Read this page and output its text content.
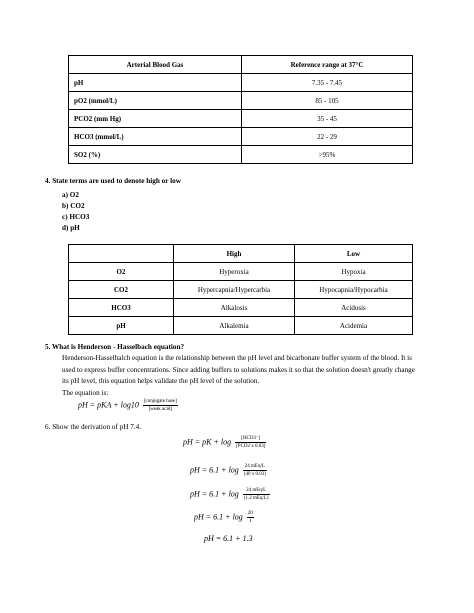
Arterial Blood Gas	Reference range at 37°C
pH	7.35 - 7.45
pO2 (mmol/L)	85 - 105
PCO2 (mm Hg)	35 - 45
HCO3 (mmol/L)	22 - 29
SO2 (%)	>95%
4. State terms are used to denote high or low
a) O2
b) CO2
c) HCO3
d) pH
	High	Low
O2	Hyperoxia	Hypoxia
CO2	Hypercapnia/Hypercarbia	Hypocapnia/Hypocarbia
HCO3	Alkalosis	Acidosis
pH	Alkalemia	Acidemia
5. What is Henderson - Hasselbach equation?
Henderson-Hasselbalch equation is the relationship between the pH level and bicarbonate buffer system of the blood. It is used to express buffer concentrations. Since adding buffers to solutions makes it so that the solution doesn't greatly change its pH level, this equation helps validate the pH level of the solution.
The equation is:
pH = pKA + $\log 10 \frac{\text{[conjugate base]}}{\text{[weak acid]}}$
6. Show the derivation of pH 7.4.
pH = pK + $\log \frac{\text{[HCO3⁻]}}{\text{[PCO2 x 0.03]}}$
pH = $6.1 + \log \frac{\text{24 mEq/L}}{(40 x 0.03)}$
pH = $6.1 + \log \frac{\text{24 mEq/L}}{\text{(1.2 mEq/L)}}$
pH = $6.1 + \log \frac{20}{1}$
pH = 6.1 + 1.3
